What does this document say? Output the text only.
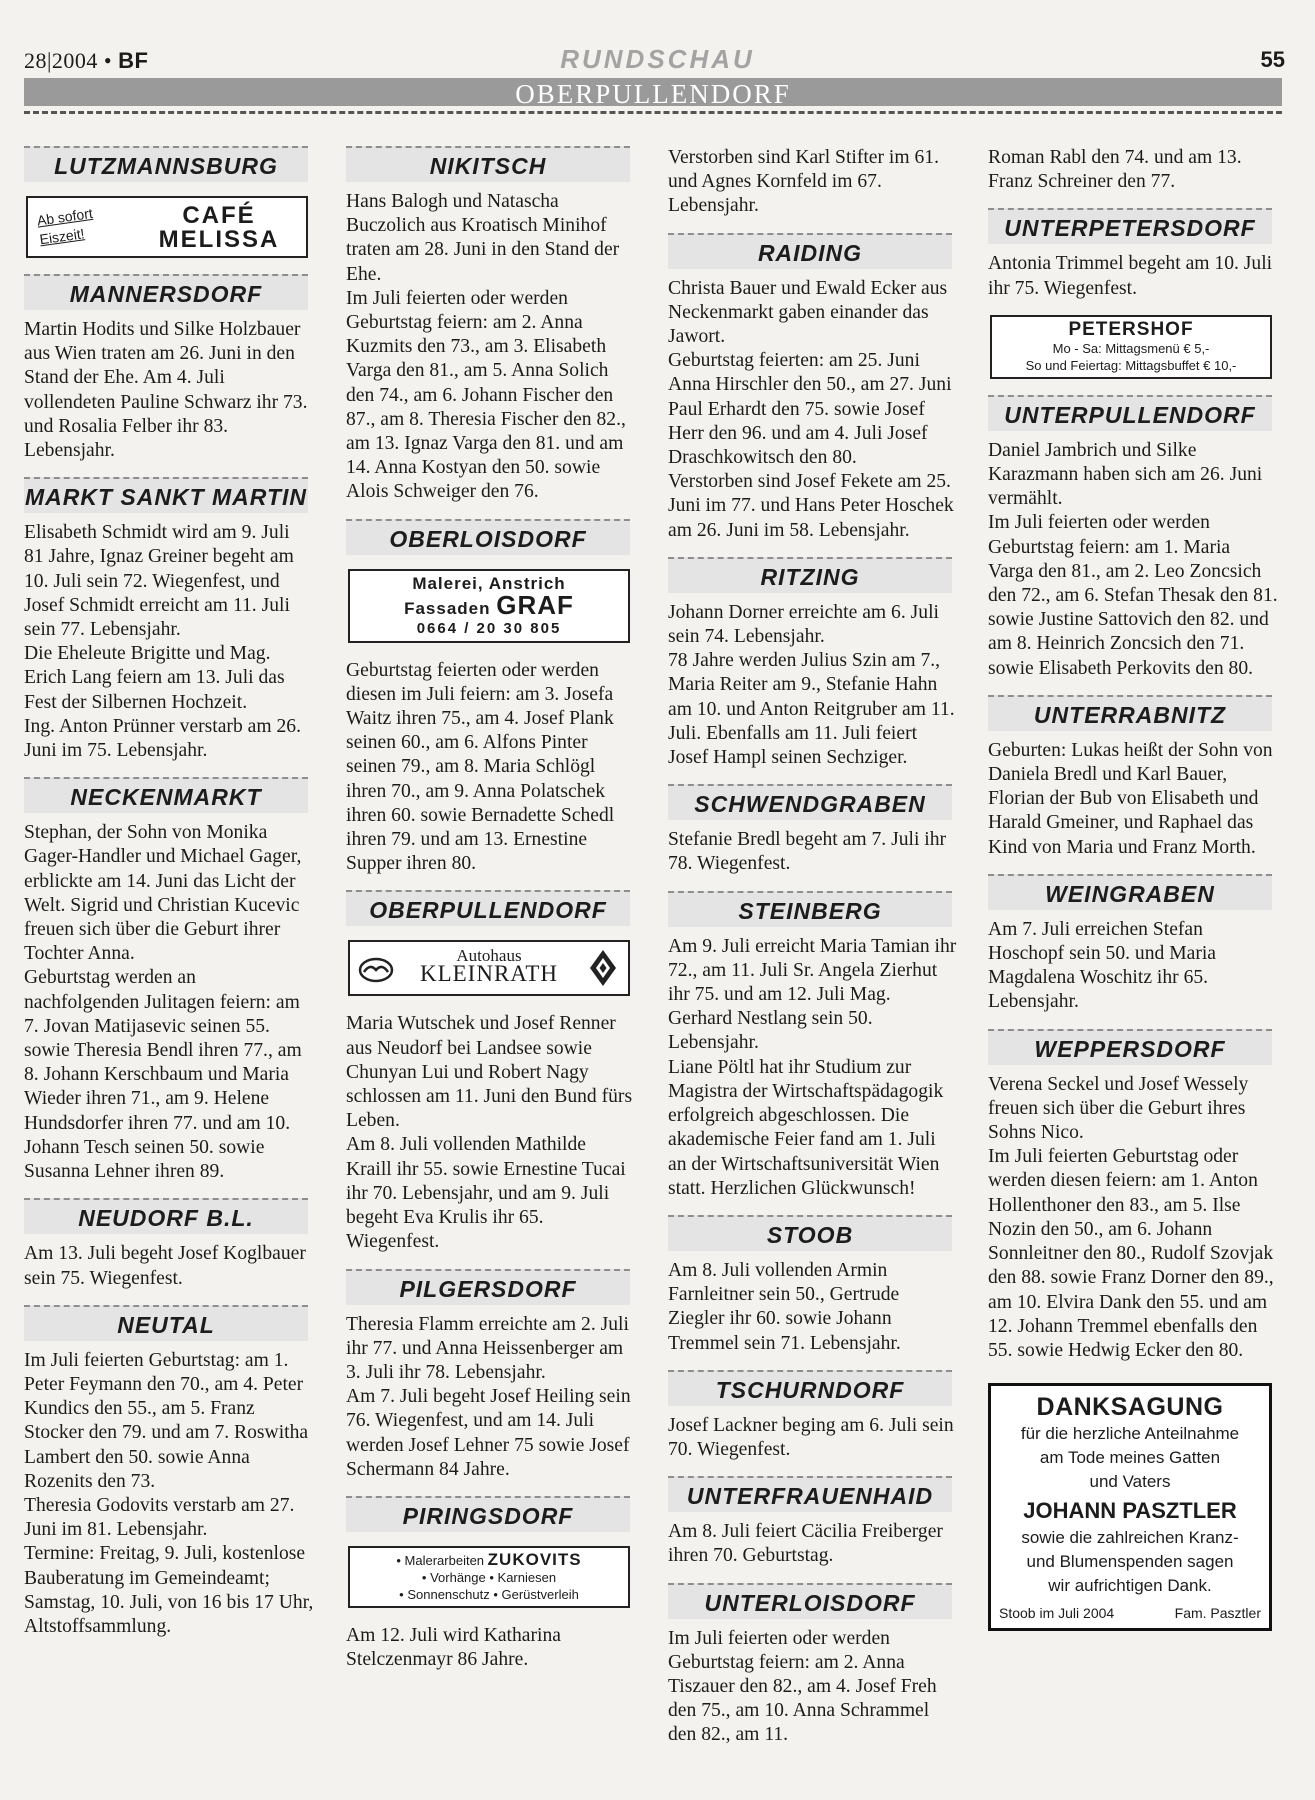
28|2004 • BF	RUNDSCHAU	55
OBERPULLENDORF
LUTZMANNSBURG
Ab sofort
Eiszeit!
CAFÉ
MELISSA
MANNERSDORF

Martin Hodits und Silke Holzbauer aus Wien traten am 26. Juni in den Stand der Ehe. Am 4. Juli vollendeten Pauline Schwarz ihr 73. und Rosalia Felber ihr 83. Lebensjahr.

MARKT SANKT MARTIN

Elisabeth Schmidt wird am 9. Juli 81 Jahre, Ignaz Greiner begeht am 10. Juli sein 72. Wiegenfest, und Josef Schmidt erreicht am 11. Juli sein 77. Lebensjahr.

Die Eheleute Brigitte und Mag. Erich Lang feiern am 13. Juli das Fest der Silbernen Hochzeit.

Ing. Anton Prünner verstarb am 26. Juni im 75. Lebensjahr.

NECKENMARKT

Stephan, der Sohn von Monika Gager-Handler und Michael Gager, erblickte am 14. Juni das Licht der Welt. Sigrid und Christian Kucevic freuen sich über die Geburt ihrer Tochter Anna.

Geburtstag werden an nachfolgenden Julitagen feiern: am 7. Jovan Matijasevic seinen 55. sowie Theresia Bendl ihren 77., am 8. Johann Kerschbaum und Maria Wieder ihren 71., am 9. Helene Hundsdorfer ihren 77. und am 10. Johann Tesch seinen 50. sowie Susanna Lehner ihren 89.

NEUDORF B.L.

Am 13. Juli begeht Josef Koglbauer sein 75. Wiegenfest.

NEUTAL

Im Juli feierten Geburtstag: am 1. Peter Feymann den 70., am 4. Peter Kundics den 55., am 5. Franz Stocker den 79. und am 7. Roswitha Lambert den 50. sowie Anna Rozenits den 73.

Theresia Godovits verstarb am 27. Juni im 81. Lebensjahr.

Termine: Freitag, 9. Juli, kostenlose Bauberatung im Gemeindeamt; Samstag, 10. Juli, von 16 bis 17 Uhr, Altstoffsammlung.

NIKITSCH

Hans Balogh und Natascha Buczolich aus Kroatisch Minihof traten am 28. Juni in den Stand der Ehe.

Im Juli feierten oder werden Geburtstag feiern: am 2. Anna Kuzmits den 73., am 3. Elisabeth Varga den 81., am 5. Anna Solich den 74., am 6. Johann Fischer den 87., am 8. Theresia Fischer den 82., am 13. Ignaz Varga den 81. und am 14. Anna Kostyan den 50. sowie Alois Schweiger den 76.

OBERLOISDORF
Malerei, Anstrich
Fassaden GRAF
0664 / 20 30 805

Geburtstag feierten oder werden diesen im Juli feiern: am 3. Josefa Waitz ihren 75., am 4. Josef Plank seinen 60., am 6. Alfons Pinter seinen 79., am 8. Maria Schlögl ihren 70., am 9. Anna Polatschek ihren 60. sowie Bernadette Schedl ihren 79. und am 13. Ernestine Supper ihren 80.

OBERPULLENDORF
Autohaus
KLEINRATH

Maria Wutschek und Josef Renner aus Neudorf bei Landsee sowie Chunyan Lui und Robert Nagy schlossen am 11. Juni den Bund fürs Leben.

Am 8. Juli vollenden Mathilde Kraill ihr 55. sowie Ernestine Tucai ihr 70. Lebensjahr, und am 9. Juli begeht Eva Krulis ihr 65. Wiegenfest.

PILGERSDORF

Theresia Flamm erreichte am 2. Juli ihr 77. und Anna Heissenberger am 3. Juli ihr 78. Lebensjahr.

Am 7. Juli begeht Josef Heiling sein 76. Wiegenfest, und am 14. Juli werden Josef Lehner 75 sowie Josef Schermann 84 Jahre.

PIRINGSDORF
• Malerarbeiten ZUKOVITS
• Vorhänge • Karniesen
• Sonnenschutz • Gerüstverleih

Am 12. Juli wird Katharina Stelczenmayr 86 Jahre.

Verstorben sind Karl Stifter im 61. und Agnes Kornfeld im 67. Lebensjahr.

RAIDING

Christa Bauer und Ewald Ecker aus Neckenmarkt gaben einander das Jawort.

Geburtstag feierten: am 25. Juni Anna Hirschler den 50., am 27. Juni Paul Erhardt den 75. sowie Josef Herr den 96. und am 4. Juli Josef Draschkowitsch den 80.

Verstorben sind Josef Fekete am 25. Juni im 77. und Hans Peter Hoschek am 26. Juni im 58. Lebensjahr.

RITZING

Johann Dorner erreichte am 6. Juli sein 74. Lebensjahr.

78 Jahre werden Julius Szin am 7., Maria Reiter am 9., Stefanie Hahn am 10. und Anton Reitgruber am 11. Juli. Ebenfalls am 11. Juli feiert Josef Hampl seinen Sechziger.

SCHWENDGRABEN

Stefanie Bredl begeht am 7. Juli ihr 78. Wiegenfest.

STEINBERG

Am 9. Juli erreicht Maria Tamian ihr 72., am 11. Juli Sr. Angela Zierhut ihr 75. und am 12. Juli Mag. Gerhard Nestlang sein 50. Lebensjahr.

Liane Pöltl hat ihr Studium zur Magistra der Wirtschaftspädagogik erfolgreich abgeschlossen. Die akademische Feier fand am 1. Juli an der Wirtschaftsuniversität Wien statt. Herzlichen Glückwunsch!

STOOB

Am 8. Juli vollenden Armin Farnleitner sein 50., Gertrude Ziegler ihr 60. sowie Johann Tremmel sein 71. Lebensjahr.

TSCHURNDORF

Josef Lackner beging am 6. Juli sein 70. Wiegenfest.

UNTERFRAUENHAID

Am 8. Juli feiert Cäcilia Freiberger ihren 70. Geburtstag.

UNTERLOISDORF

Im Juli feierten oder werden Geburtstag feiern: am 2. Anna Tiszauer den 82., am 4. Josef Freh den 75., am 10. Anna Schrammel den 82., am 11.

Roman Rabl den 74. und am 13. Franz Schreiner den 77.

UNTERPETERSDORF

Antonia Trimmel begeht am 10. Juli ihr 75. Wiegenfest.

PETERSHOF
Mo - Sa: Mittagsmenü € 5,-
So und Feiertag: Mittagsbuffet € 10,-
UNTERPULLENDORF

Daniel Jambrich und Silke Karazmann haben sich am 26. Juni vermählt.

Im Juli feierten oder werden Geburtstag feiern: am 1. Maria Varga den 81., am 2. Leo Zoncsich den 72., am 6. Stefan Thesak den 81. sowie Justine Sattovich den 82. und am 8. Heinrich Zoncsich den 71. sowie Elisabeth Perkovits den 80.

UNTERRABNITZ

Geburten: Lukas heißt der Sohn von Daniela Bredl und Karl Bauer, Florian der Bub von Elisabeth und Harald Gmeiner, und Raphael das Kind von Maria und Franz Morth.

WEINGRABEN

Am 7. Juli erreichen Stefan Hoschopf sein 50. und Maria Magdalena Woschitz ihr 65. Lebensjahr.

WEPPERSDORF

Verena Seckel und Josef Wessely freuen sich über die Geburt ihres Sohns Nico.

Im Juli feierten Geburtstag oder werden diesen feiern: am 1. Anton Hollenthoner den 83., am 5. Ilse Nozin den 50., am 6. Johann Sonnleitner den 80., Rudolf Szovjak den 88. sowie Franz Dorner den 89., am 10. Elvira Dank den 55. und am 12. Johann Tremmel ebenfalls den 55. sowie Hedwig Ecker den 80.

DANKSAGUNG
für die herzliche Anteilnahme
am Tode meines Gatten
und Vaters
JOHANN PASZTLER
sowie die zahlreichen Kranz-
und Blumenspenden sagen
wir aufrichtigen Dank.
Stoob im Juli 2004	Fam. Pasztler
